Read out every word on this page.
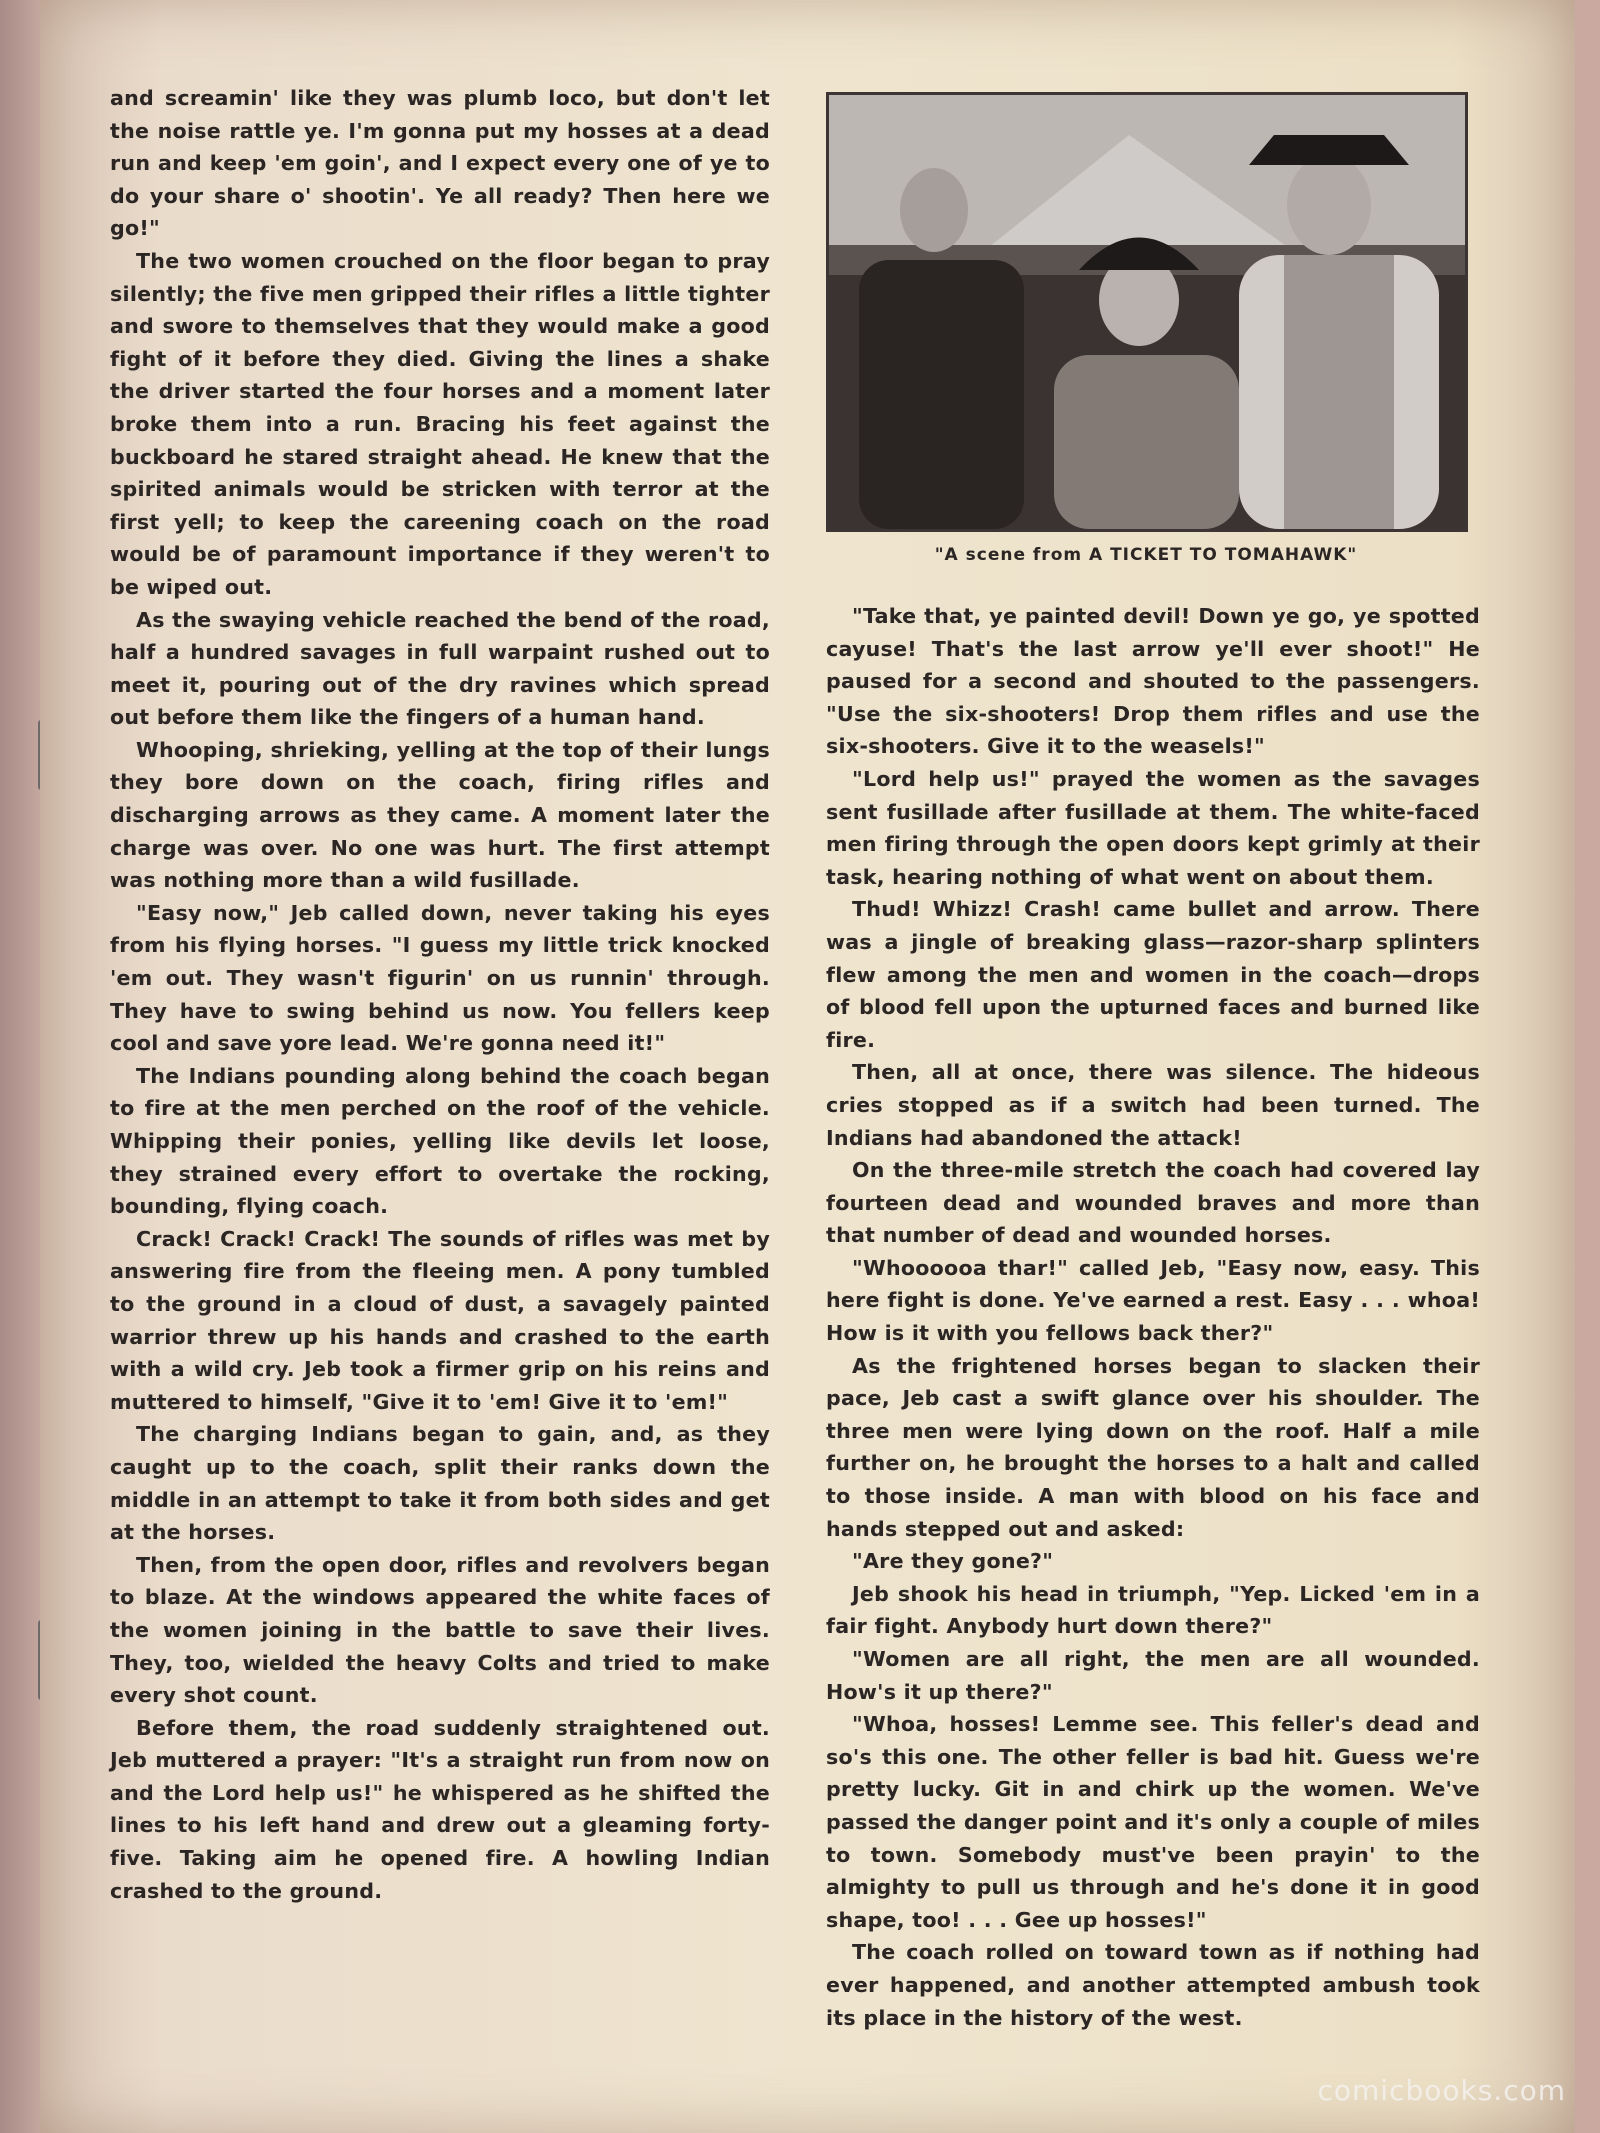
and screamin' like they was plumb loco, but don't let the noise rattle ye. I'm gonna put my hosses at a dead run and keep 'em goin', and I expect every one of ye to do your share o' shootin'. Ye all ready? Then here we go!"

The two women crouched on the floor began to pray silently; the five men gripped their rifles a little tighter and swore to themselves that they would make a good fight of it before they died. Giving the lines a shake the driver started the four horses and a moment later broke them into a run. Bracing his feet against the buckboard he stared straight ahead. He knew that the spirited animals would be stricken with terror at the first yell; to keep the careening coach on the road would be of paramount importance if they weren't to be wiped out.

As the swaying vehicle reached the bend of the road, half a hundred savages in full warpaint rushed out to meet it, pouring out of the dry ravines which spread out before them like the fingers of a human hand.

Whooping, shrieking, yelling at the top of their lungs they bore down on the coach, firing rifles and discharging arrows as they came. A moment later the charge was over. No one was hurt. The first attempt was nothing more than a wild fusillade.

"Easy now," Jeb called down, never taking his eyes from his flying horses. "I guess my little trick knocked 'em out. They wasn't figurin' on us runnin' through. They have to swing behind us now. You fellers keep cool and save yore lead. We're gonna need it!"

The Indians pounding along behind the coach began to fire at the men perched on the roof of the vehicle. Whipping their ponies, yelling like devils let loose, they strained every effort to overtake the rocking, bounding, flying coach.

Crack! Crack! Crack! The sounds of rifles was met by answering fire from the fleeing men. A pony tumbled to the ground in a cloud of dust, a savagely painted warrior threw up his hands and crashed to the earth with a wild cry. Jeb took a firmer grip on his reins and muttered to himself, "Give it to 'em! Give it to 'em!"

The charging Indians began to gain, and, as they caught up to the coach, split their ranks down the middle in an attempt to take it from both sides and get at the horses.

Then, from the open door, rifles and revolvers began to blaze. At the windows appeared the white faces of the women joining in the battle to save their lives. They, too, wielded the heavy Colts and tried to make every shot count.

Before them, the road suddenly straightened out. Jeb muttered a prayer: "It's a straight run from now on and the Lord help us!" he whispered as he shifted the lines to his left hand and drew out a gleaming forty-five. Taking aim he opened fire. A howling Indian crashed to the ground.

"A scene from A TICKET TO TOMAHAWK"

"Take that, ye painted devil! Down ye go, ye spotted cayuse! That's the last arrow ye'll ever shoot!" He paused for a second and shouted to the passengers. "Use the six-shooters! Drop them rifles and use the six-shooters. Give it to the weasels!"

"Lord help us!" prayed the women as the savages sent fusillade after fusillade at them. The white-faced men firing through the open doors kept grimly at their task, hearing nothing of what went on about them.

Thud! Whizz! Crash! came bullet and arrow. There was a jingle of breaking glass—razor-sharp splinters flew among the men and women in the coach—drops of blood fell upon the upturned faces and burned like fire.

Then, all at once, there was silence. The hideous cries stopped as if a switch had been turned. The Indians had abandoned the attack!

On the three-mile stretch the coach had covered lay fourteen dead and wounded braves and more than that number of dead and wounded horses.

"Whoooooa thar!" called Jeb, "Easy now, easy. This here fight is done. Ye've earned a rest. Easy . . . whoa! How is it with you fellows back ther?"

As the frightened horses began to slacken their pace, Jeb cast a swift glance over his shoulder. The three men were lying down on the roof. Half a mile further on, he brought the horses to a halt and called to those inside. A man with blood on his face and hands stepped out and asked:

"Are they gone?"

Jeb shook his head in triumph, "Yep. Licked 'em in a fair fight. Anybody hurt down there?"

"Women are all right, the men are all wounded. How's it up there?"

"Whoa, hosses! Lemme see. This feller's dead and so's this one. The other feller is bad hit. Guess we're pretty lucky. Git in and chirk up the women. We've passed the danger point and it's only a couple of miles to town. Somebody must've been prayin' to the almighty to pull us through and he's done it in good shape, too! . . . Gee up hosses!"

The coach rolled on toward town as if nothing had ever happened, and another attempted ambush took its place in the history of the west.

comicbooks.com
